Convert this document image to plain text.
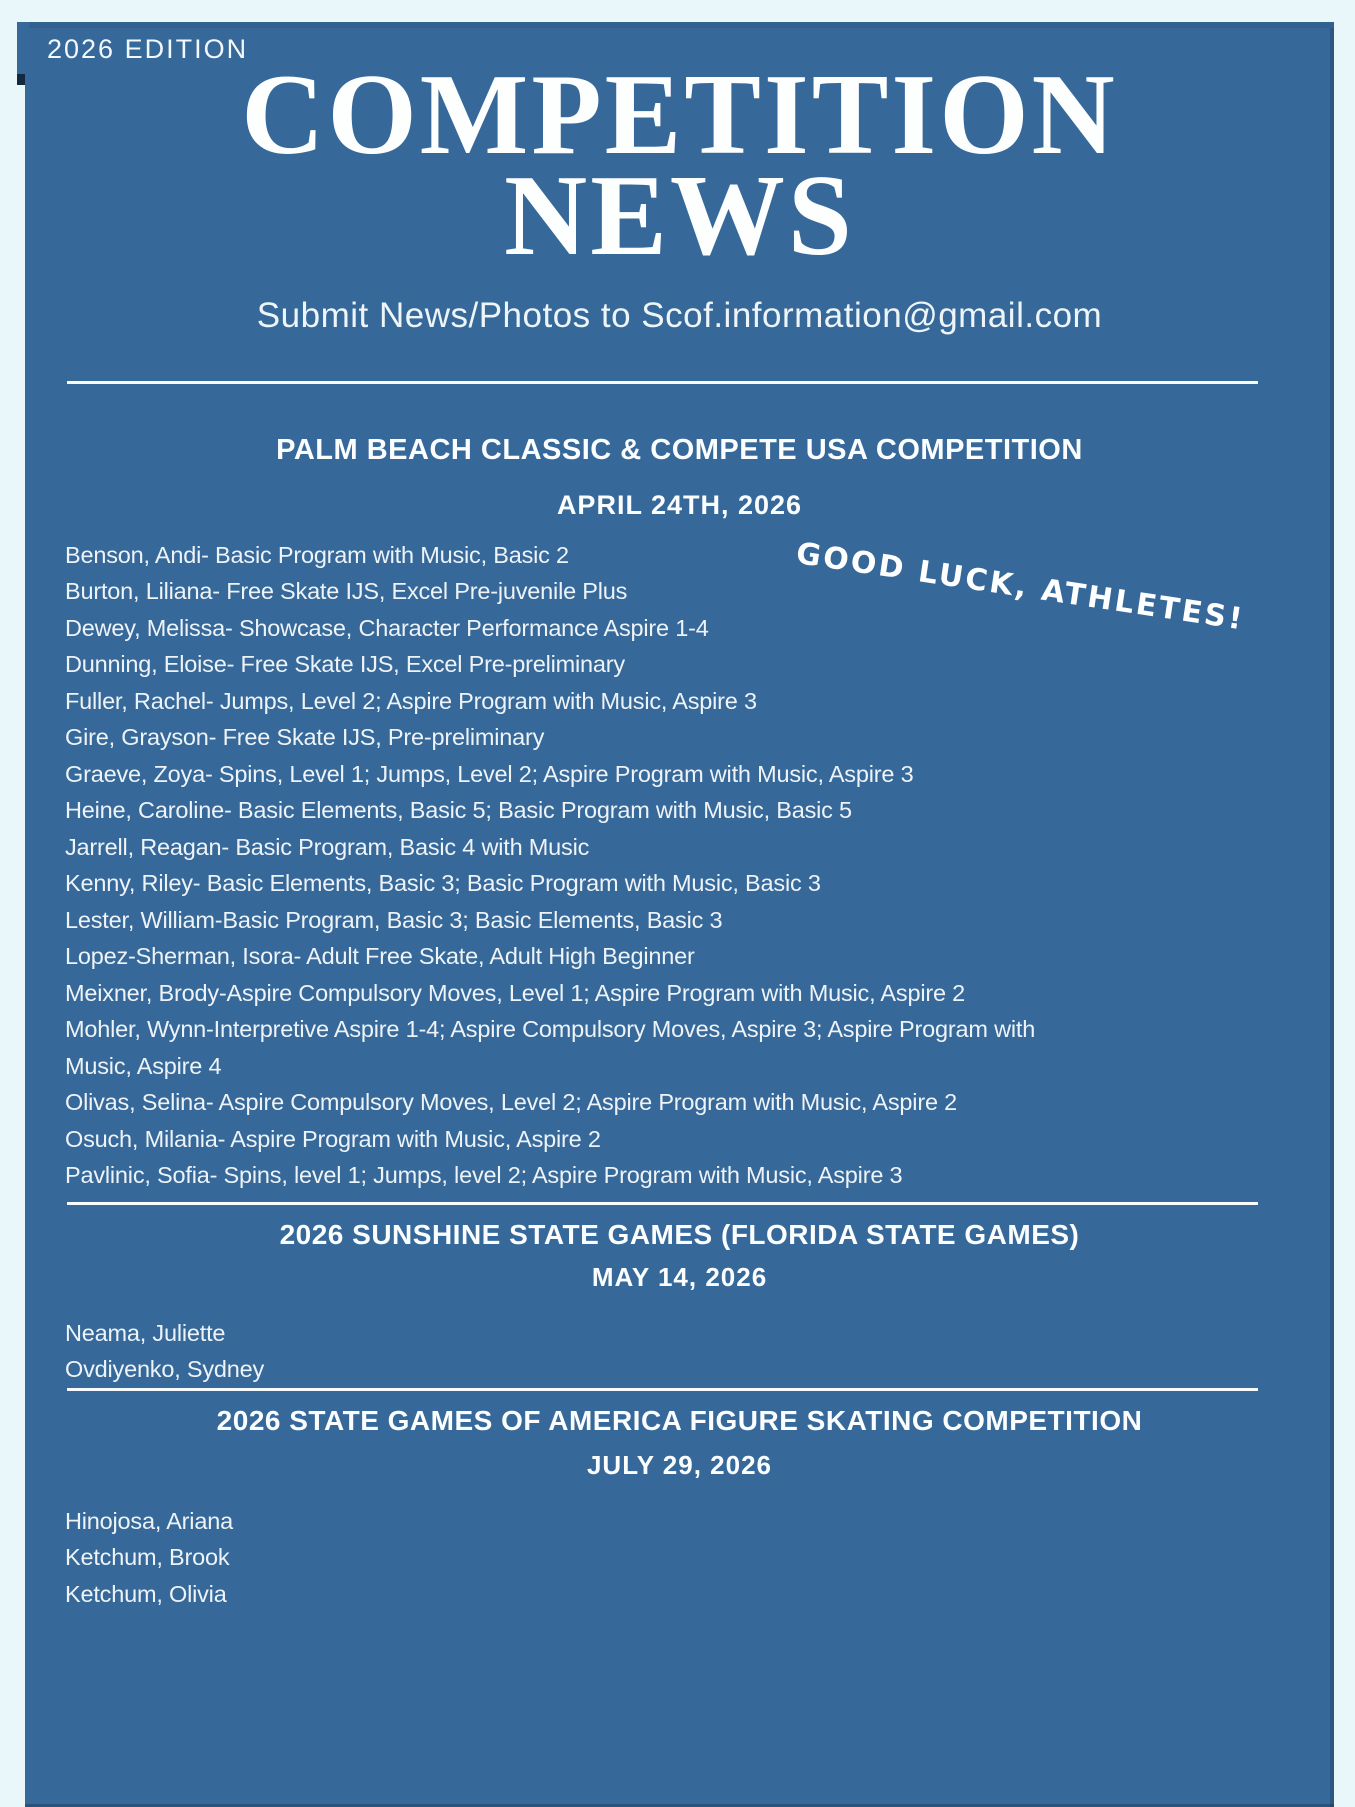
2026 EDITION
COMPETITION
NEWS
Submit News/Photos to Scof.information@gmail.com
PALM BEACH CLASSIC & COMPETE USA COMPETITION
APRIL 24TH, 2026
Benson, Andi- Basic Program with Music, Basic 2
Burton, Liliana- Free Skate IJS, Excel Pre-juvenile Plus
Dewey, Melissa- Showcase, Character Performance Aspire 1-4
Dunning, Eloise- Free Skate IJS, Excel Pre-preliminary
Fuller, Rachel- Jumps, Level 2; Aspire Program with Music, Aspire 3
Gire, Grayson- Free Skate IJS, Pre-preliminary
Graeve, Zoya- Spins, Level 1; Jumps, Level 2; Aspire Program with Music, Aspire 3
Heine, Caroline- Basic Elements, Basic 5; Basic Program with Music, Basic 5
Jarrell, Reagan- Basic Program, Basic 4 with Music
Kenny, Riley- Basic Elements, Basic 3; Basic Program with Music, Basic 3
Lester, William-Basic Program, Basic 3; Basic Elements, Basic 3
Lopez-Sherman, Isora- Adult Free Skate, Adult High Beginner
Meixner, Brody-Aspire Compulsory Moves, Level 1; Aspire Program with Music, Aspire 2
Mohler, Wynn-Interpretive Aspire 1-4; Aspire Compulsory Moves, Aspire 3; Aspire Program with Music, Aspire 4
Olivas, Selina- Aspire Compulsory Moves, Level 2; Aspire Program with Music, Aspire 2
Osuch, Milania- Aspire Program with Music, Aspire 2
Pavlinic, Sofia- Spins, level 1; Jumps, level 2; Aspire Program with Music, Aspire 3
GOOD LUCK, ATHLETES!
2026 SUNSHINE STATE GAMES (FLORIDA STATE GAMES)
MAY 14, 2026
Neama, Juliette
Ovdiyenko, Sydney
2026 STATE GAMES OF AMERICA FIGURE SKATING COMPETITION
JULY 29, 2026
Hinojosa, Ariana
Ketchum, Brook
Ketchum, Olivia
